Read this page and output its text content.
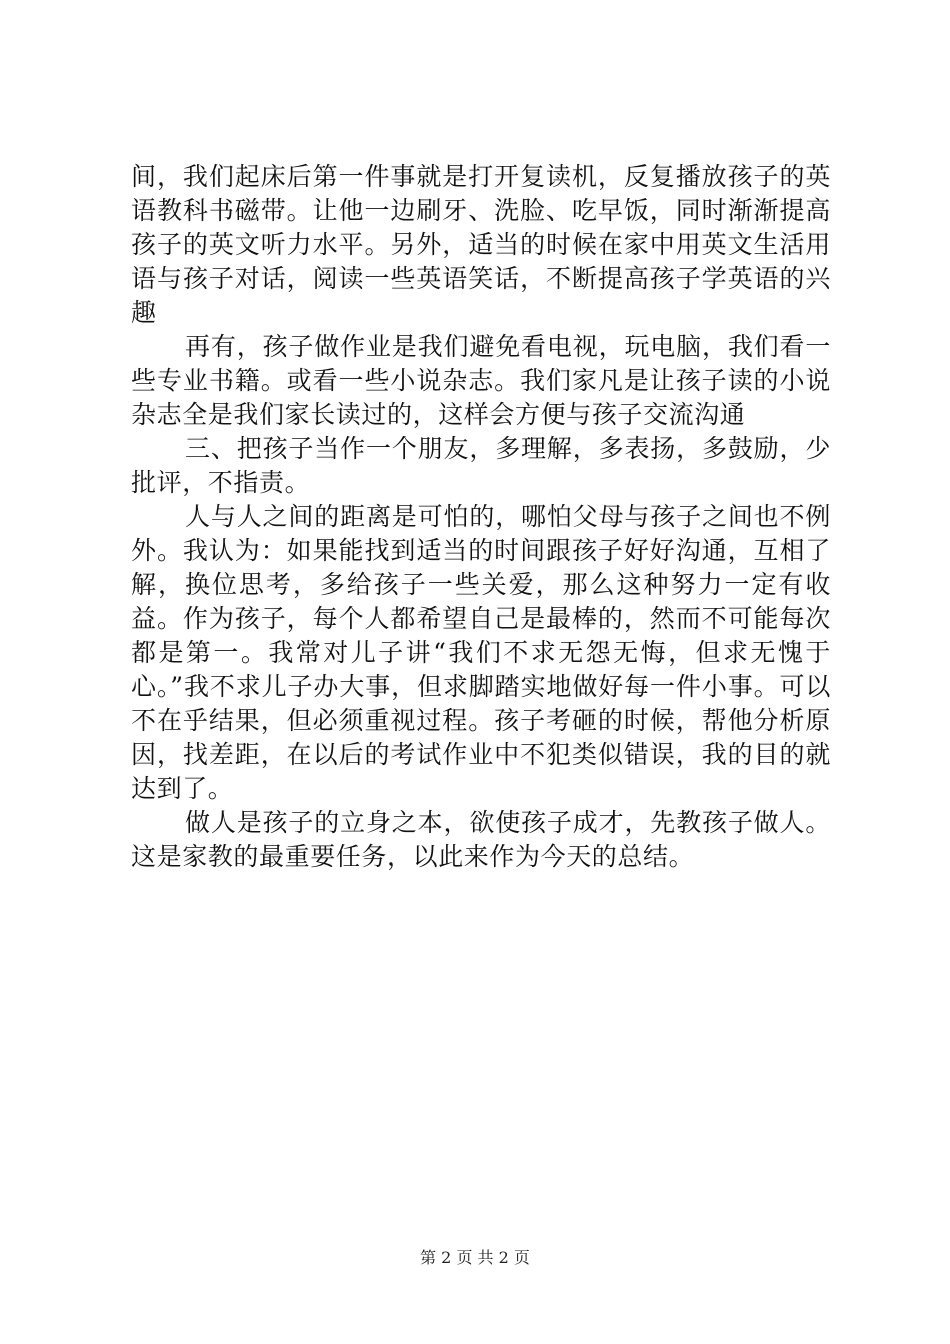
间，我们起床后第一件事就是打开复读机，反复播放孩子的英语教科书磁带。让他一边刷牙、洗脸、吃早饭，同时渐渐提高孩子的英文听力水平。另外，适当的时候在家中用英文生活用语与孩子对话，阅读一些英语笑话，不断提高孩子学英语的兴趣

再有，孩子做作业是我们避免看电视，玩电脑，我们看一些专业书籍。或看一些小说杂志。我们家凡是让孩子读的小说杂志全是我们家长读过的，这样会方便与孩子交流沟通

三、把孩子当作一个朋友，多理解，多表扬，多鼓励，少批评，不指责。

人与人之间的距离是可怕的，哪怕父母与孩子之间也不例外。我认为：如果能找到适当的时间跟孩子好好沟通，互相了解，换位思考，多给孩子一些关爱，那么这种努力一定有收益。作为孩子，每个人都希望自己是最棒的，然而不可能每次都是第一。我常对儿子讲“我们不求无怨无悔，但求无愧于心。”我不求儿子办大事，但求脚踏实地做好每一件小事。可以不在乎结果，但必须重视过程。孩子考砸的时候，帮他分析原因，找差距，在以后的考试作业中不犯类似错误，我的目的就达到了。

做人是孩子的立身之本，欲使孩子成才，先教孩子做人。这是家教的最重要任务，以此来作为今天的总结。

第 2 页 共 2 页
